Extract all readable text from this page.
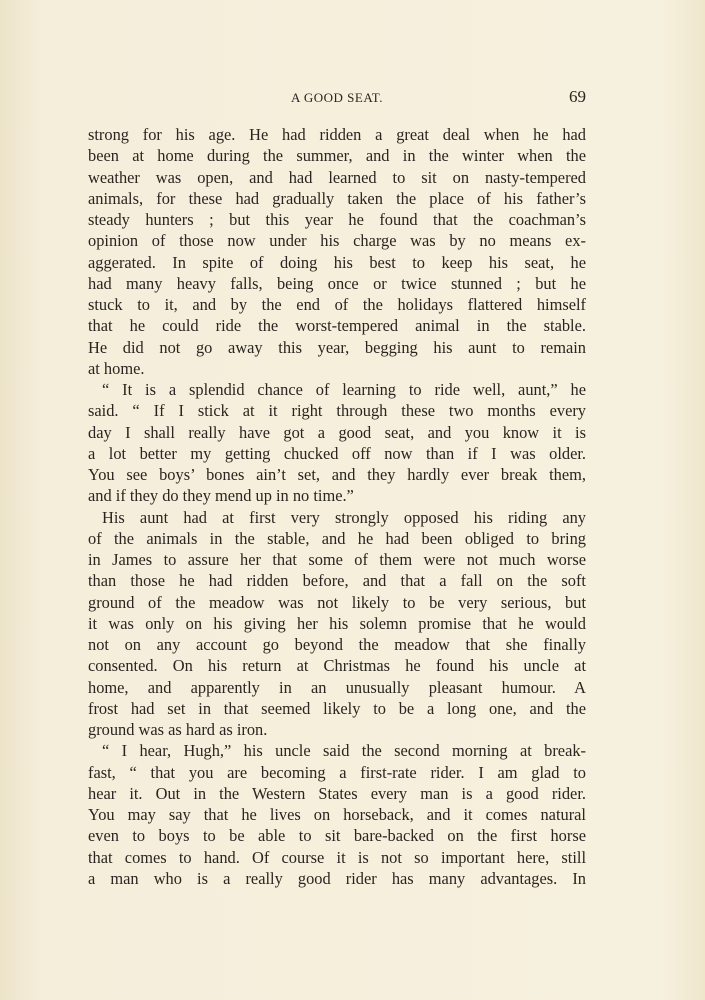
A GOOD SEAT.	69

strong for his age. He had ridden a great deal when he had

been at home during the summer, and in the winter when the

weather was open, and had learned to sit on nasty-tempered

animals, for these had gradually taken the place of his father’s

steady hunters ; but this year he found that the coachman’s

opinion of those now under his charge was by no means ex-

aggerated. In spite of doing his best to keep his seat, he

had many heavy falls, being once or twice stunned ; but he

stuck to it, and by the end of the holidays flattered himself

that he could ride the worst-tempered animal in the stable.

He did not go away this year, begging his aunt to remain

at home.

“ It is a splendid chance of learning to ride well, aunt,” he

said. “ If I stick at it right through these two months every

day I shall really have got a good seat, and you know it is

a lot better my getting chucked off now than if I was older.

You see boys’ bones ain’t set, and they hardly ever break them,

and if they do they mend up in no time.”

His aunt had at first very strongly opposed his riding any

of the animals in the stable, and he had been obliged to bring

in James to assure her that some of them were not much worse

than those he had ridden before, and that a fall on the soft

ground of the meadow was not likely to be very serious, but

it was only on his giving her his solemn promise that he would

not on any account go beyond the meadow that she finally

consented. On his return at Christmas he found his uncle at

home, and apparently in an unusually pleasant humour. A

frost had set in that seemed likely to be a long one, and the

ground was as hard as iron.

“ I hear, Hugh,” his uncle said the second morning at break-

fast, “ that you are becoming a first-rate rider. I am glad to

hear it. Out in the Western States every man is a good rider.

You may say that he lives on horseback, and it comes natural

even to boys to be able to sit bare-backed on the first horse

that comes to hand. Of course it is not so important here, still

a man who is a really good rider has many advantages. In
